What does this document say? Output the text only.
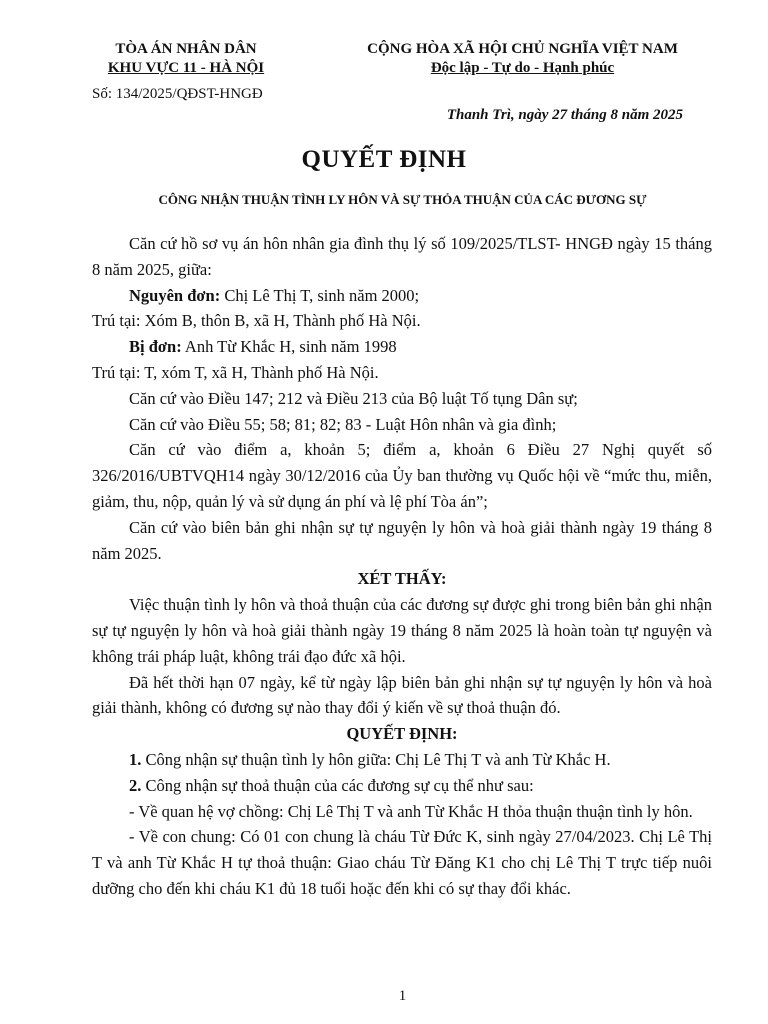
TÒA ÁN NHÂN DÂN
KHU VỰC 11 - HÀ NỘI
CỘNG HÒA XÃ HỘI CHỦ NGHĨA VIỆT NAM
Độc lập - Tự do - Hạnh phúc
Số: 134/2025/QĐST-HNGĐ
Thanh Trì, ngày 27 tháng 8 năm 2025
QUYẾT ĐỊNH
CÔNG NHẬN THUẬN TÌNH LY HÔN VÀ SỰ THỎA THUẬN CỦA CÁC ĐƯƠNG SỰ

Căn cứ hồ sơ vụ án hôn nhân gia đình thụ lý số 109/2025/TLST- HNGĐ ngày 15 tháng 8 năm 2025, giữa:

Nguyên đơn: Chị Lê Thị T, sinh năm 2000;

Trú tại: Xóm B, thôn B, xã H, Thành phố Hà Nội.

Bị đơn: Anh Từ Khắc H, sinh năm 1998

Trú tại: T, xóm T, xã H, Thành phố Hà Nội.

Căn cứ vào Điều 147; 212 và Điều 213 của Bộ luật Tố tụng Dân sự;

Căn cứ vào Điều 55; 58; 81; 82; 83 - Luật Hôn nhân và gia đình;

Căn cứ vào điểm a, khoản 5; điểm a, khoản 6 Điều 27 Nghị quyết số 326/2016/UBTVQH14 ngày 30/12/2016 của Ủy ban thường vụ Quốc hội về “mức thu, miễn, giảm, thu, nộp, quản lý và sử dụng án phí và lệ phí Tòa án”;

Căn cứ vào biên bản ghi nhận sự tự nguyện ly hôn và hoà giải thành ngày 19 tháng 8 năm 2025.

XÉT THẤY:

Việc thuận tình ly hôn và thoả thuận của các đương sự được ghi trong biên bản ghi nhận sự tự nguyện ly hôn và hoà giải thành ngày 19 tháng 8 năm 2025 là hoàn toàn tự nguyện và không trái pháp luật, không trái đạo đức xã hội.

Đã hết thời hạn 07 ngày, kể từ ngày lập biên bản ghi nhận sự tự nguyện ly hôn và hoà giải thành, không có đương sự nào thay đổi ý kiến về sự thoả thuận đó.

QUYẾT ĐỊNH:

1. Công nhận sự thuận tình ly hôn giữa: Chị Lê Thị T và anh Từ Khắc H.

2. Công nhận sự thoả thuận của các đương sự cụ thể như sau:

- Về quan hệ vợ chồng: Chị Lê Thị T và anh Từ Khắc H thỏa thuận thuận tình ly hôn.

- Về con chung: Có 01 con chung là cháu Từ Đức K, sinh ngày 27/04/2023. Chị Lê Thị T và anh Từ Khắc H tự thoả thuận: Giao cháu Từ Đăng K1 cho chị Lê Thị T trực tiếp nuôi dưỡng cho đến khi cháu K1 đủ 18 tuổi hoặc đến khi có sự thay đổi khác.

1
